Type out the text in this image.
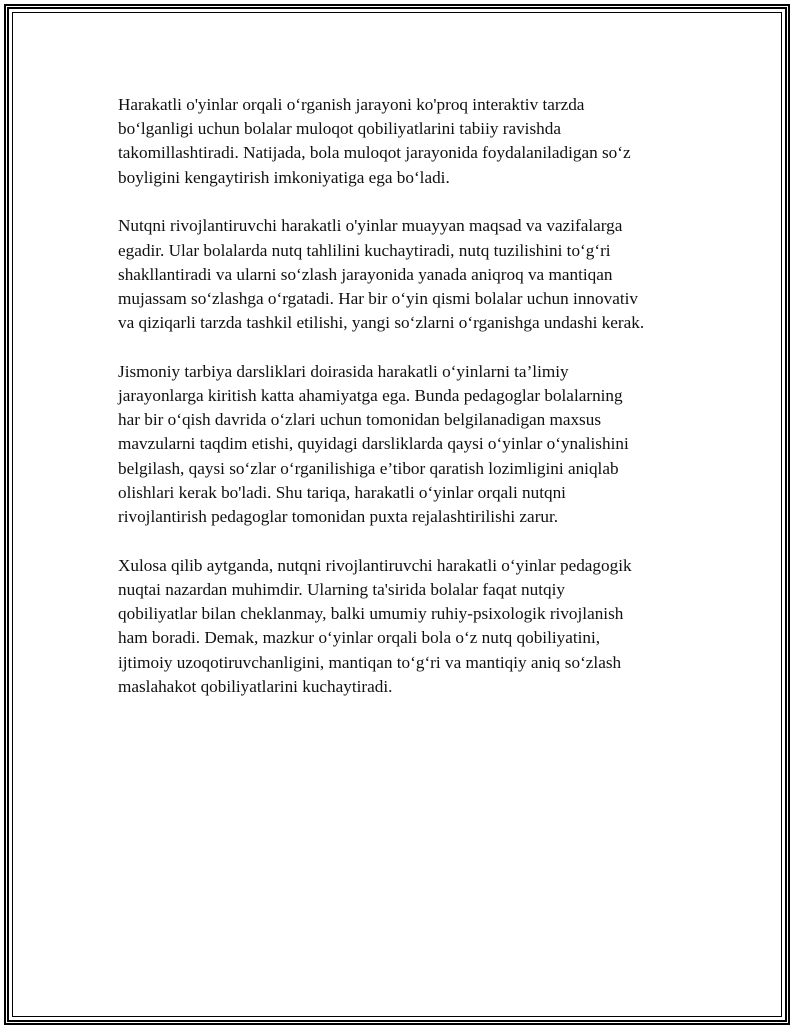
Harakatli o'yinlar orqali o‘rganish jarayoni ko'proq interaktiv tarzda
bo‘lganligi uchun bolalar muloqot qobiliyatlarini tabiiy ravishda
takomillashtiradi. Natijada, bola muloqot jarayonida foydalaniladigan so‘z
boyligini kengaytirish imkoniyatiga ega bo‘ladi.

Nutqni rivojlantiruvchi harakatli o'yinlar muayyan maqsad va vazifalarga
egadir. Ular bolalarda nutq tahlilini kuchaytiradi, nutq tuzilishini to‘g‘ri
shakllantiradi va ularni so‘zlash jarayonida yanada aniqroq va mantiqan
mujassam so‘zlashga o‘rgatadi. Har bir o‘yin qismi bolalar uchun innovativ
va qiziqarli tarzda tashkil etilishi, yangi so‘zlarni o‘rganishga undashi kerak.

Jismoniy tarbiya darsliklari doirasida harakatli o‘yinlarni ta’limiy
jarayonlarga kiritish katta ahamiyatga ega. Bunda pedagoglar bolalarning
har bir o‘qish davrida o‘zlari uchun tomonidan belgilanadigan maxsus
mavzularni taqdim etishi, quyidagi darsliklarda qaysi o‘yinlar o‘ynalishini
belgilash, qaysi so‘zlar o‘rganilishiga e’tibor qaratish lozimligini aniqlab
olishlari kerak bo'ladi. Shu tariqa, harakatli o‘yinlar orqali nutqni
rivojlantirish pedagoglar tomonidan puxta rejalashtirilishi zarur.

Xulosa qilib aytganda, nutqni rivojlantiruvchi harakatli o‘yinlar pedagogik
nuqtai nazardan muhimdir. Ularning ta'sirida bolalar faqat nutqiy
qobiliyatlar bilan cheklanmay, balki umumiy ruhiy-psixologik rivojlanish
ham boradi. Demak, mazkur o‘yinlar orqali bola o‘z nutq qobiliyatini,
ijtimoiy uzoqotiruvchanligini, mantiqan to‘g‘ri va mantiqiy aniq so‘zlash
maslahakot qobiliyatlarini kuchaytiradi.
